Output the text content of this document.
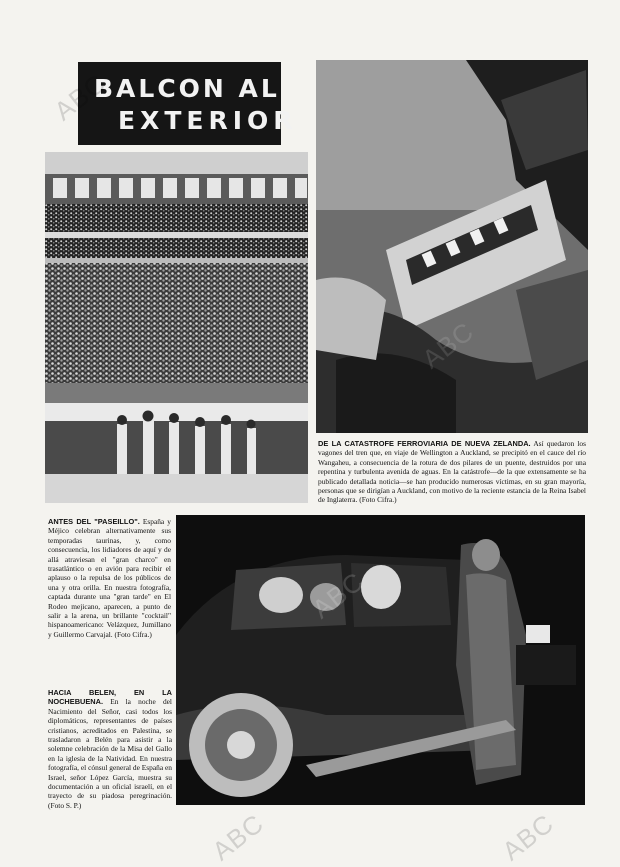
BALCON AL
EXTERIOR

DE LA CATASTROFE FERROVIARIA DE NUEVA ZELANDA. Así quedaron los vagones del tren que, en viaje de Wellington a Auckland, se precipitó en el cauce del río Wangaheu, a consecuencia de la rotura de dos pilares de un puente, destruidos por una repentina y turbulenta avenida de aguas. En la catástrofe—de la que extensamente se ha publicado detallada noticia—se han producido numerosas víctimas, en su gran mayoría, personas que se dirigían a Auckland, con motivo de la reciente estancia de la Reina Isabel de Inglaterra. (Foto Cifra.)

ANTES DEL "PASEILLO". España y Méjico celebran alternativamente sus temporadas taurinas, y, como consecuencia, los lidiadores de aquí y de allá atraviesan el "gran charco" en trasatlántico o en avión para recibir el aplauso o la repulsa de los públicos de una y otra orilla. En nuestra fotografía, captada durante una "gran tarde" en El Rodeo mejicano, aparecen, a punto de salir a la arena, un brillante "cocktail" hispanoamericano: Velázquez, Jumillano y Guillermo Carvajal. (Foto Cifra.)

HACIA BELEN, EN LA NOCHEBUENA. En la noche del Nacimiento del Señor, casi todos los diplomáticos, representantes de países cristianos, acreditados en Palestina, se trasladaron a Belén para asistir a la solemne celebración de la Misa del Gallo en la iglesia de la Natividad. En nuestra fotografía, el cónsul general de España en Israel, señor López García, muestra su documentación a un oficial israelí, en el trayecto de su piadosa peregrinación. (Foto S. P.)

ABC	ABC
